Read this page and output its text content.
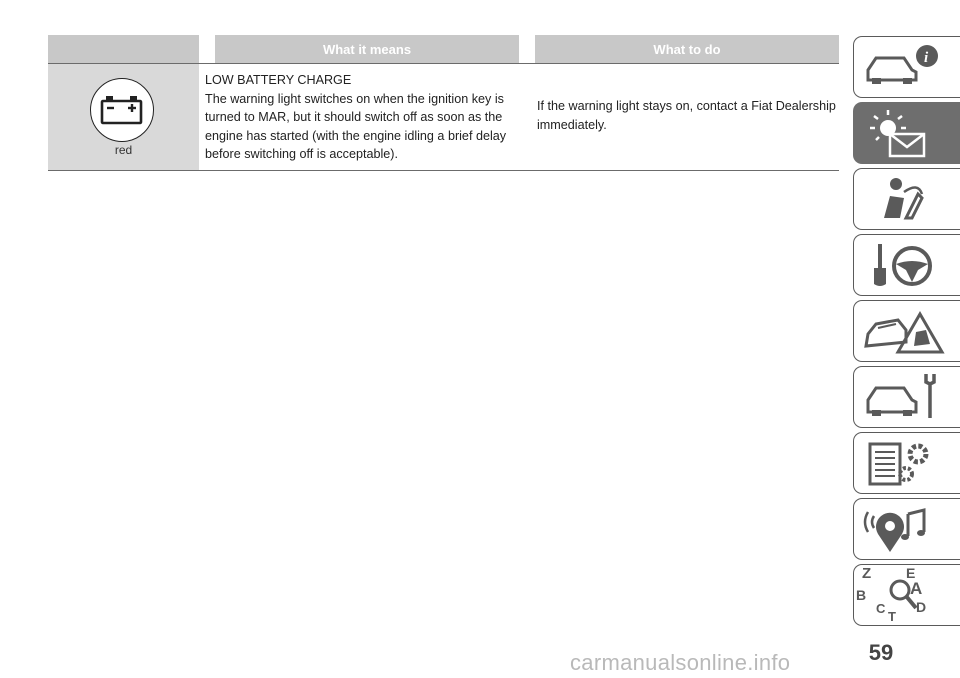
What it means	What to do
red
LOW BATTERY CHARGE
The warning light switches on when the ignition key is
turned to MAR, but it should switch off as soon as the
engine has started (with the engine idling a brief delay
before switching off is acceptable).
If the warning light stays on, contact a Fiat Dealership
immediately.
i
Z E
A
B
C D
T
59
carmanualsonline.info
